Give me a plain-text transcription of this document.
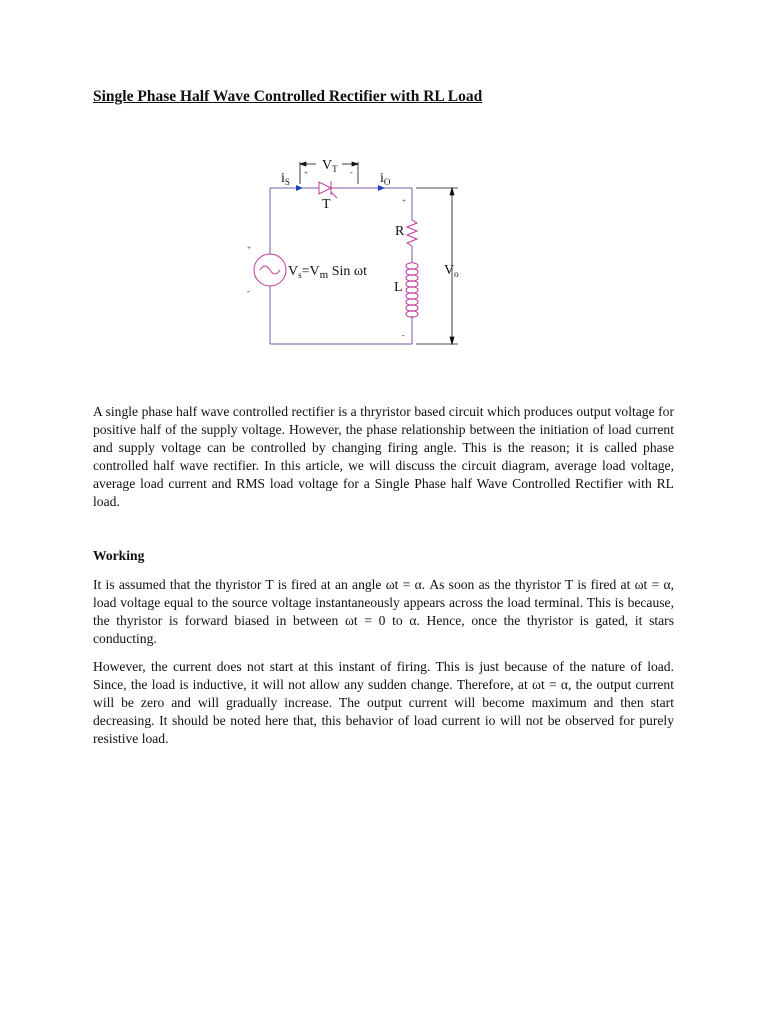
Single Phase Half Wave Controlled Rectifier with RL Load
$V_T$
+	-
$i_S$	$i_O$
T
+
-
$V_s=V_m$ Sin ωt
R
+
L
-
$V_o$

A single phase half wave controlled rectifier is a thryristor based circuit which produces output voltage for positive half of the supply voltage. However, the phase relationship between the initiation of load current and supply voltage can be controlled by changing firing angle. This is the reason; it is called phase controlled half wave rectifier. In this article, we will discuss the circuit diagram, average load voltage, average load current and RMS load voltage for a Single Phase half Wave Controlled Rectifier with RL load.

Working

It is assumed that the thyristor T is fired at an angle ωt = α. As soon as the thyristor T is fired at ωt = α, load voltage equal to the source voltage instantaneously appears across the load terminal. This is because, the thyristor is forward biased in between ωt = 0 to α. Hence, once the thyristor is gated, it stars conducting.

However, the current does not start at this instant of firing. This is just because of the nature of load. Since, the load is inductive, it will not allow any sudden change. Therefore, at ωt = α, the output current will be zero and will gradually increase. The output current will become maximum and then start decreasing. It should be noted here that, this behavior of load current io will not be observed for purely resistive load.
